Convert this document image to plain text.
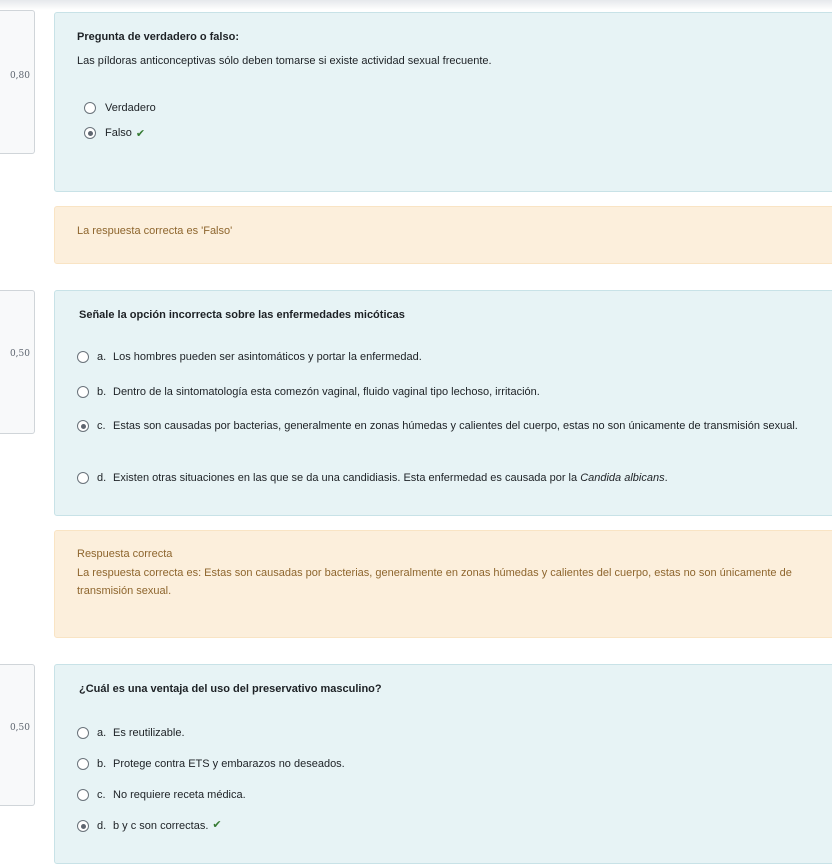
0,80
Pregunta de verdadero o falso:
Las píldoras anticonceptivas sólo deben tomarse si existe actividad sexual frecuente.
Verdadero
Falso ✔
La respuesta correcta es 'Falso'
0,50
Señale la opción incorrecta sobre las enfermedades micóticas
a. Los hombres pueden ser asintomáticos y portar la enfermedad.
b. Dentro de la sintomatología esta comezón vaginal, fluido vaginal tipo lechoso, irritación.
c. Estas son causadas por bacterias, generalmente en zonas húmedas y calientes del cuerpo, estas no son únicamente de transmisión sexual.
d. Existen otras situaciones en las que se da una candidiasis. Esta enfermedad es causada por la Candida albicans.
Respuesta correcta
La respuesta correcta es: Estas son causadas por bacterias, generalmente en zonas húmedas y calientes del cuerpo, estas no son únicamente de transmisión sexual.
0,50
¿Cuál es una ventaja del uso del preservativo masculino?
a. Es reutilizable.
b. Protege contra ETS y embarazos no deseados.
c. No requiere receta médica.
d. b y c son correctas. ✔
